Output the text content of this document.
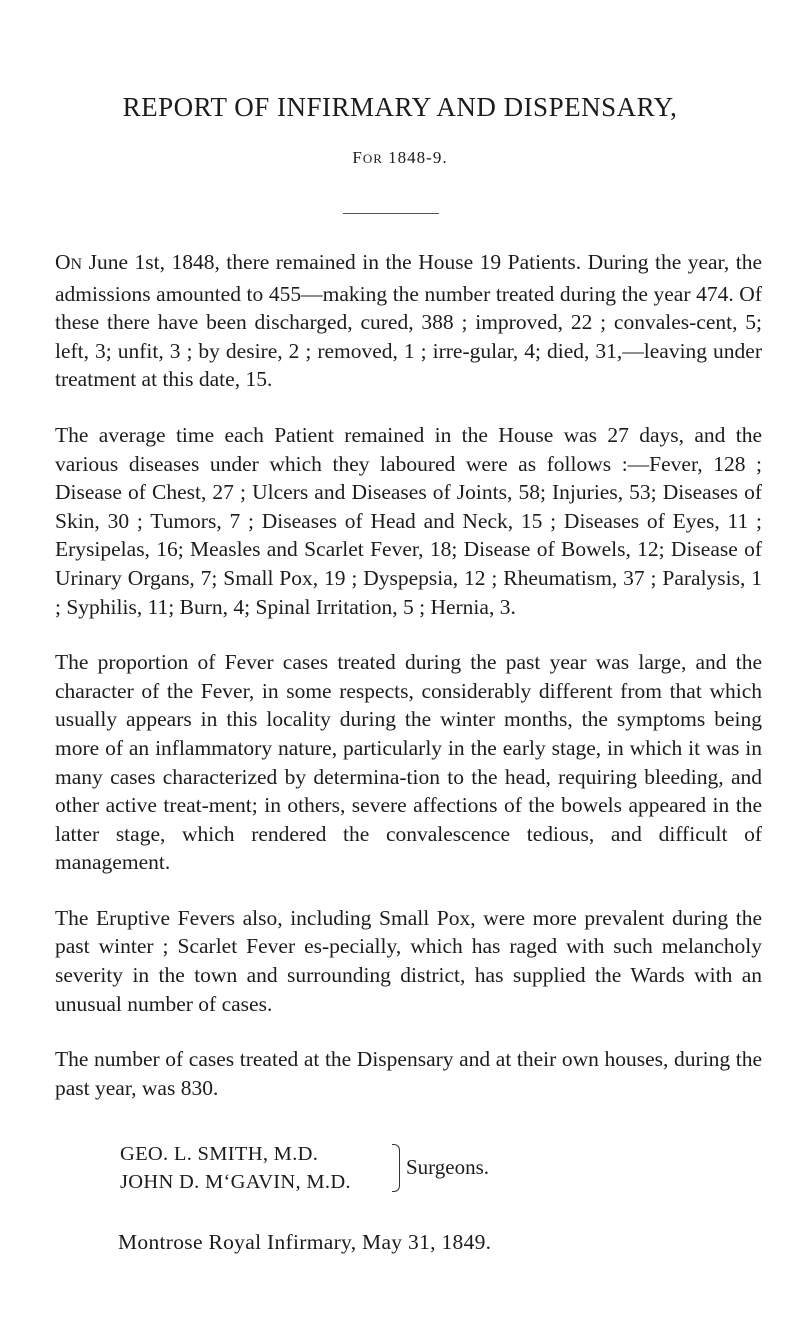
REPORT OF INFIRMARY AND DISPENSARY,
FOR 1848-9.

ON June 1st, 1848, there remained in the House 19 Patients. During the year, the admissions amounted to 455—making the number treated during the year 474. Of these there have been discharged, cured, 388 ; improved, 22 ; convales-cent, 5; left, 3; unfit, 3 ; by desire, 2 ; removed, 1 ; irre-gular, 4; died, 31,—leaving under treatment at this date, 15.

The average time each Patient remained in the House was 27 days, and the various diseases under which they laboured were as follows :—Fever, 128 ; Disease of Chest, 27 ; Ulcers and Diseases of Joints, 58; Injuries, 53; Diseases of Skin, 30 ; Tumors, 7 ; Diseases of Head and Neck, 15 ; Diseases of Eyes, 11 ; Erysipelas, 16; Measles and Scarlet Fever, 18; Disease of Bowels, 12; Disease of Urinary Organs, 7; Small Pox, 19 ; Dyspepsia, 12 ; Rheumatism, 37 ; Paralysis, 1 ; Syphilis, 11; Burn, 4; Spinal Irritation, 5 ; Hernia, 3.

The proportion of Fever cases treated during the past year was large, and the character of the Fever, in some respects, considerably different from that which usually appears in this locality during the winter months, the symptoms being more of an inflammatory nature, particularly in the early stage, in which it was in many cases characterized by determina-tion to the head, requiring bleeding, and other active treat-ment; in others, severe affections of the bowels appeared in the latter stage, which rendered the convalescence tedious, and difficult of management.

The Eruptive Fevers also, including Small Pox, were more prevalent during the past winter ; Scarlet Fever es-pecially, which has raged with such melancholy severity in the town and surrounding district, has supplied the Wards with an unusual number of cases.

The number of cases treated at the Dispensary and at their own houses, during the past year, was 830.

GEO. L. SMITH, M.D.
JOHN D. M‘GAVIN, M.D.
Surgeons.
Montrose Royal Infirmary, May 31, 1849.
